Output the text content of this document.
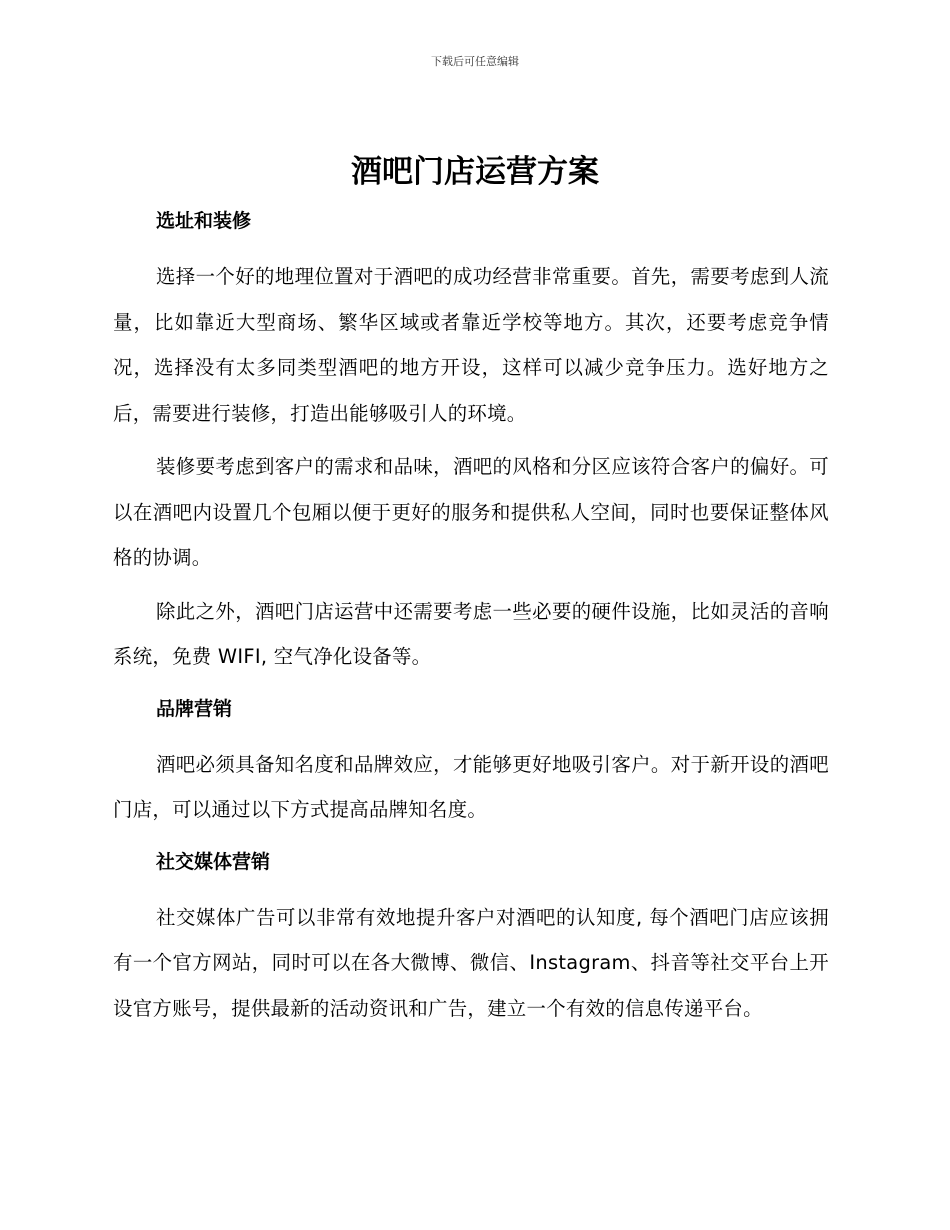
下载后可任意编辑
酒吧门店运营方案
选址和装修

选择一个好的地理位置对于酒吧的成功经营非常重要。首先，需要考虑到人流量，比如靠近大型商场、繁华区域或者靠近学校等地方。其次，还要考虑竞争情况，选择没有太多同类型酒吧的地方开设，这样可以减少竞争压力。选好地方之后，需要进行装修，打造出能够吸引人的环境。

装修要考虑到客户的需求和品味，酒吧的风格和分区应该符合客户的偏好。可以在酒吧内设置几个包厢以便于更好的服务和提供私人空间，同时也要保证整体风格的协调。

除此之外，酒吧门店运营中还需要考虑一些必要的硬件设施，比如灵活的音响系统，免费 WIFI, 空气净化设备等。

品牌营销

酒吧必须具备知名度和品牌效应，才能够更好地吸引客户。对于新开设的酒吧门店，可以通过以下方式提高品牌知名度。

社交媒体营销

社交媒体广告可以非常有效地提升客户对酒吧的认知度, 每个酒吧门店应该拥有一个官方网站，同时可以在各大微博、微信、Instagram、抖音等社交平台上开设官方账号，提供最新的活动资讯和广告，建立一个有效的信息传递平台。
